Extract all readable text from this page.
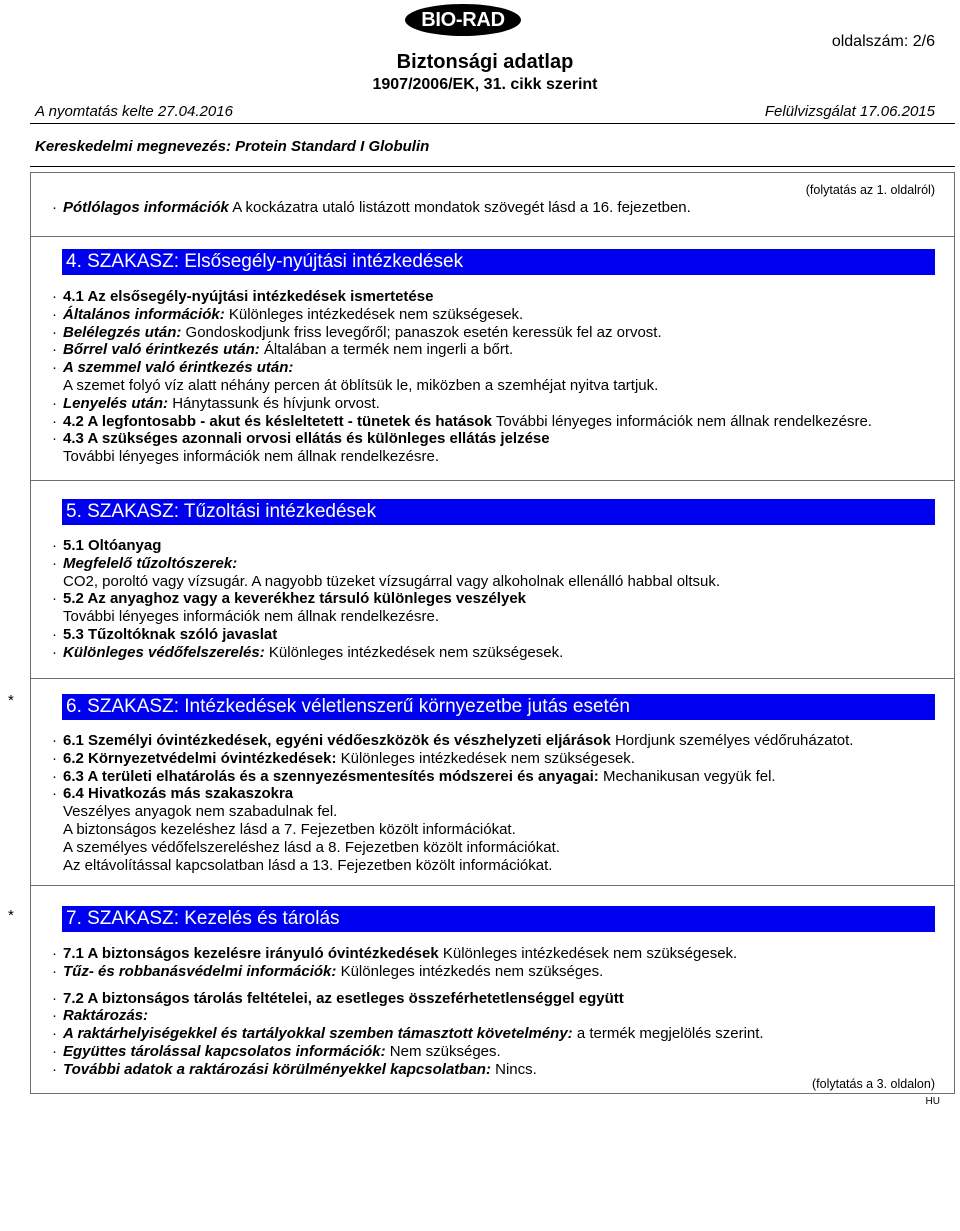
BIO-RAD
oldalszám: 2/6
Biztonsági adatlap
1907/2006/EK, 31. cikk szerint
A nyomtatás kelte 27.04.2016	Felülvizsgálat 17.06.2015
Kereskedelmi megnevezés: Protein Standard I Globulin
(folytatás az 1. oldalról)
· Pótlólagos információk A kockázatra utaló listázott mondatok szövegét lásd a 16. fejezetben.
4. SZAKASZ: Elsősegély-nyújtási intézkedések
· 4.1 Az elsősegély-nyújtási intézkedések ismertetése
· Általános információk: Különleges intézkedések nem szükségesek.
· Belélegzés után: Gondoskodjunk friss levegőről; panaszok esetén keressük fel az orvost.
· Bőrrel való érintkezés után: Általában a termék nem ingerli a bőrt.
· A szemmel való érintkezés után:
A szemet folyó víz alatt néhány percen át öblítsük le, miközben a szemhéjat nyitva tartjuk.
· Lenyelés után: Hánytassunk és hívjunk orvost.
· 4.2 A legfontosabb - akut és késleltetett - tünetek és hatások További lényeges információk nem állnak rendelkezésre.
· 4.3 A szükséges azonnali orvosi ellátás és különleges ellátás jelzése
További lényeges információk nem állnak rendelkezésre.
5. SZAKASZ: Tűzoltási intézkedések
· 5.1 Oltóanyag
· Megfelelő tűzoltószerek:
CO2, poroltó vagy vízsugár. A nagyobb tüzeket vízsugárral vagy alkoholnak ellenálló habbal oltsuk.
· 5.2 Az anyaghoz vagy a keverékhez társuló különleges veszélyek
További lényeges információk nem állnak rendelkezésre.
· 5.3 Tűzoltóknak szóló javaslat
· Különleges védőfelszerelés: Különleges intézkedések nem szükségesek.
*	6. SZAKASZ: Intézkedések véletlenszerű környezetbe jutás esetén
· 6.1 Személyi óvintézkedések, egyéni védőeszközök és vészhelyzeti eljárások Hordjunk személyes védőruházatot.
· 6.2 Környezetvédelmi óvintézkedések: Különleges intézkedések nem szükségesek.
· 6.3 A területi elhatárolás és a szennyezésmentesítés módszerei és anyagai: Mechanikusan vegyük fel.
· 6.4 Hivatkozás más szakaszokra
Veszélyes anyagok nem szabadulnak fel.
A biztonságos kezeléshez lásd a 7. Fejezetben közölt információkat.
A személyes védőfelszereléshez lásd a 8. Fejezetben közölt információkat.
Az eltávolítással kapcsolatban lásd a 13. Fejezetben közölt információkat.
*	7. SZAKASZ: Kezelés és tárolás
· 7.1 A biztonságos kezelésre irányuló óvintézkedések Különleges intézkedések nem szükségesek.
· Tűz- és robbanásvédelmi információk: Különleges intézkedés nem szükséges.
· 7.2 A biztonságos tárolás feltételei, az esetleges összeférhetetlenséggel együtt
· Raktározás:
· A raktárhelyiségekkel és tartályokkal szemben támasztott követelmény: a termék megjelölés szerint.
· Együttes tárolással kapcsolatos információk: Nem szükséges.
· További adatok a raktározási körülményekkel kapcsolatban: Nincs.
(folytatás a 3. oldalon)
HU
